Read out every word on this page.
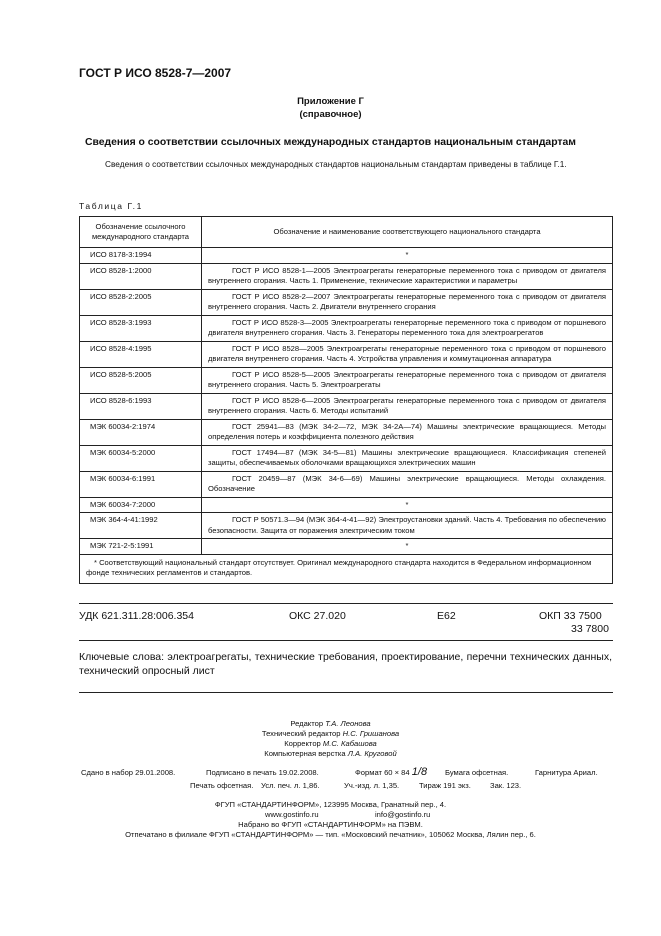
ГОСТ Р ИСО 8528-7—2007
Приложение Г
(справочное)
Сведения о соответствии ссылочных международных стандартов национальным стандартам
Сведения о соответствии ссылочных международных стандартов национальным стандартам приведены в таблице Г.1.
Таблица Г.1
Обозначение ссылочного международного стандарта	Обозначение и наименование соответствующего национального стандарта
ИСО 8178-3:1994	*
ИСО 8528-1:2000	ГОСТ Р ИСО 8528-1—2005 Электроагрегаты генераторные переменного тока с приводом от двигателя внутреннего сгорания. Часть 1. Применение, технические характеристики и параметры
ИСО 8528-2:2005	ГОСТ Р ИСО 8528-2—2007 Электроагрегаты генераторные переменного тока с приводом от двигателя внутреннего сгорания. Часть 2. Двигатели внутреннего сгорания
ИСО 8528-3:1993	ГОСТ Р ИСО 8528-3—2005 Электроагрегаты генераторные переменного тока с приводом от поршневого двигателя внутреннего сгорания. Часть 3. Генераторы переменного тока для электроагрегатов
ИСО 8528-4:1995	ГОСТ Р ИСО 8528—2005 Электроагрегаты генераторные переменного тока с приводом от поршневого двигателя внутреннего сгорания. Часть 4. Устройства управления и коммутационная аппаратура
ИСО 8528-5:2005	ГОСТ Р ИСО 8528-5—2005 Электроагрегаты генераторные переменного тока с приводом от двигателя внутреннего сгорания. Часть 5. Электроагрегаты
ИСО 8528-6:1993	ГОСТ Р ИСО 8528-6—2005 Электроагрегаты генераторные переменного тока с приводом от двигателя внутреннего сгорания. Часть 6. Методы испытаний
МЭК 60034-2:1974	ГОСТ 25941—83 (МЭК 34-2—72, МЭК 34-2А—74) Машины электрические вращающиеся. Методы определения потерь и коэффициента полезного действия
МЭК 60034-5:2000	ГОСТ 17494—87 (МЭК 34-5—81) Машины электрические вращающиеся. Классификация степеней защиты, обеспечиваемых оболочками вращающихся электрических машин
МЭК 60034-6:1991	ГОСТ 20459—87 (МЭК 34-6—69) Машины электрические вращающиеся. Методы охлаждения. Обозначение
МЭК 60034-7:2000	*
МЭК 364-4-41:1992	ГОСТ Р 50571.3—94 (МЭК 364-4-41—92) Электроустановки зданий. Часть 4. Требования по обеспечению безопасности. Защита от поражения электрическим током
МЭК 721-2-5:1991	*
* Соответствующий национальный стандарт отсутствует. Оригинал международного стандарта находится в Федеральном информационном фонде технических регламентов и стандартов.	
УДК 621.311.28:006.354	ОКС 27.020	Е62	ОКП 33 7500
33 7800
Ключевые слова: электроагрегаты, технические требования, проектирование, перечни технических данных, технический опросный лист
Редактор Т.А. Леонова
Технический редактор Н.С. Гришанова
Корректор М.С. Кабашова
Компьютерная верстка Л.А. Круговой
Сдано в набор 29.01.2008.	Подписано в печать 19.02.2008.	Формат 60 × 84 1/8 Бумага офсетная.	Гарнитура Ариал.
Печать офсетная. Усл. печ. л. 1,86.	Уч.-изд. л. 1,35.	Тираж 191 экз.	Зак. 123.
ФГУП «СТАНДАРТИНФОРМ», 123995 Москва, Гранатный пер., 4.
www.gostinfo.ru	info@gostinfo.ru
Набрано во ФГУП «СТАНДАРТИНФОРМ» на ПЭВМ.
Отпечатано в филиале ФГУП «СТАНДАРТИНФОРМ» — тип. «Московский печатник», 105062 Москва, Лялин пер., 6.
